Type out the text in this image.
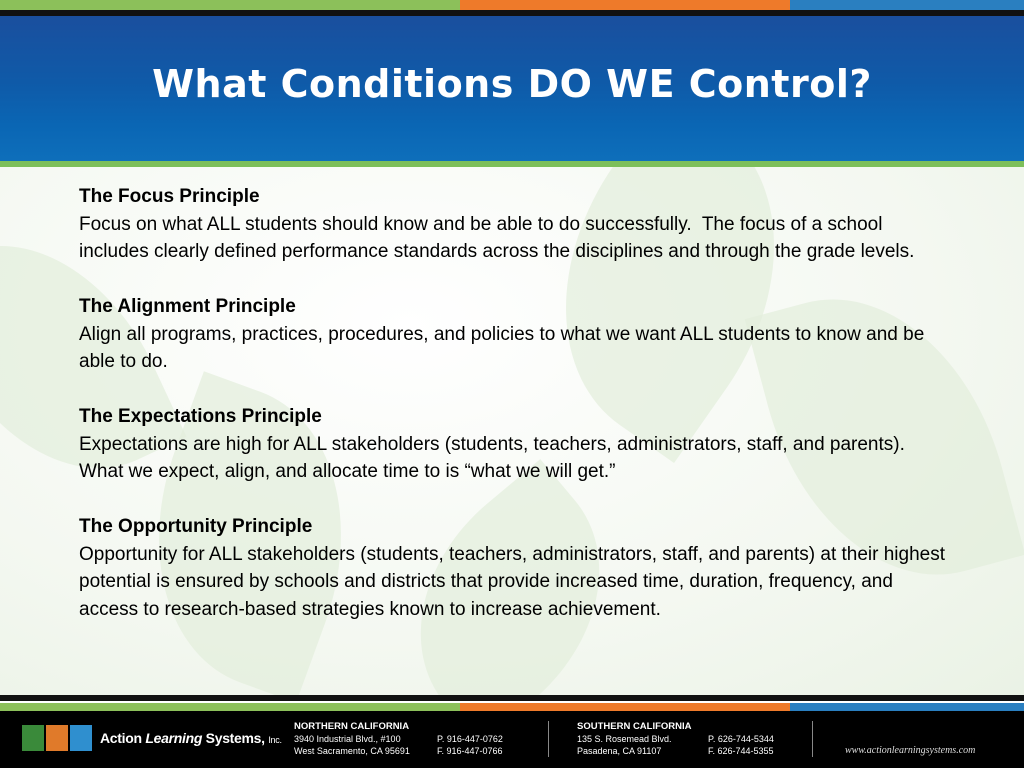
What Conditions DO WE Control?
The Focus Principle

Focus on what ALL students should know and be able to do successfully.  The focus of a school includes clearly defined performance standards across the disciplines and through the grade levels.

The Alignment Principle

Align all programs, practices, procedures, and policies to what we want ALL students to know and be able to do.

The Expectations Principle

Expectations are high for ALL stakeholders (students, teachers, administrators, staff, and parents). What we expect, align, and allocate time to is “what we will get.”

The Opportunity Principle

Opportunity for ALL stakeholders (students, teachers, administrators, staff, and parents) at their highest potential is ensured by schools and districts that provide increased time, duration, frequency, and access to research-based strategies known to increase achievement.

Action Learning Systems, Inc.
NORTHERN CALIFORNIA
3940 Industrial Blvd., #100
West Sacramento, CA 95691
P. 916-447-0762
F. 916-447-0766
SOUTHERN CALIFORNIA
135 S. Rosemead Blvd.
Pasadena, CA 91107
P. 626-744-5344
F. 626-744-5355	www.actionlearningsystems.com
